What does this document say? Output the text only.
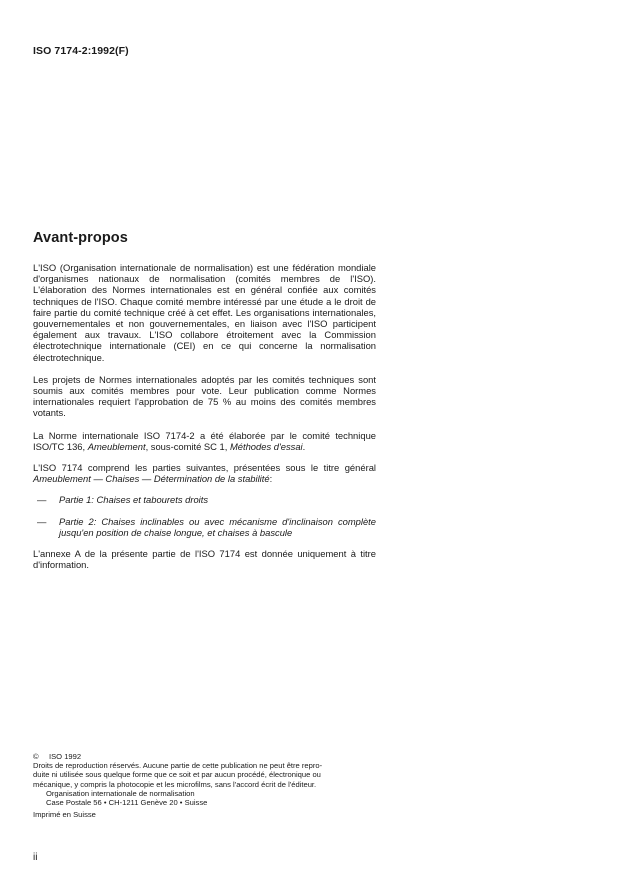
ISO 7174-2:1992(F)
Avant-propos

L'ISO (Organisation internationale de normalisation) est une fédération mondiale d'organismes nationaux de normalisation (comités membres de l'ISO). L'élaboration des Normes internationales est en général confiée aux comités techniques de l'ISO. Chaque comité membre intéressé par une étude a le droit de faire partie du comité technique créé à cet effet. Les organisations internationales, gouvernementales et non gouvernementales, en liaison avec l'ISO participent également aux travaux. L'ISO collabore étroitement avec la Commission électrotechnique internationale (CEI) en ce qui concerne la normalisation électrotechnique.

Les projets de Normes internationales adoptés par les comités techniques sont soumis aux comités membres pour vote. Leur publication comme Normes internationales requiert l'approbation de 75 % au moins des comités membres votants.

La Norme internationale ISO 7174-2 a été élaborée par le comité technique ISO/TC 136, Ameublement, sous-comité SC 1, Méthodes d'essai.

L'ISO 7174 comprend les parties suivantes, présentées sous le titre général Ameublement — Chaises — Détermination de la stabilité:

—	Partie 1: Chaises et tabourets droits
—	Partie 2: Chaises inclinables ou avec mécanisme d'inclinaison complète jusqu'en position de chaise longue, et chaises à bascule

L'annexe A de la présente partie de l'ISO 7174 est donnée uniquement à titre d'information.

© ISO 1992
Droits de reproduction réservés. Aucune partie de cette publication ne peut être repro-
duite ni utilisée sous quelque forme que ce soit et par aucun procédé, électronique ou
mécanique, y compris la photocopie et les microfilms, sans l'accord écrit de l'éditeur.
Organisation internationale de normalisation
Case Postale 56 • CH-1211 Genève 20 • Suisse
Imprimé en Suisse
ii
